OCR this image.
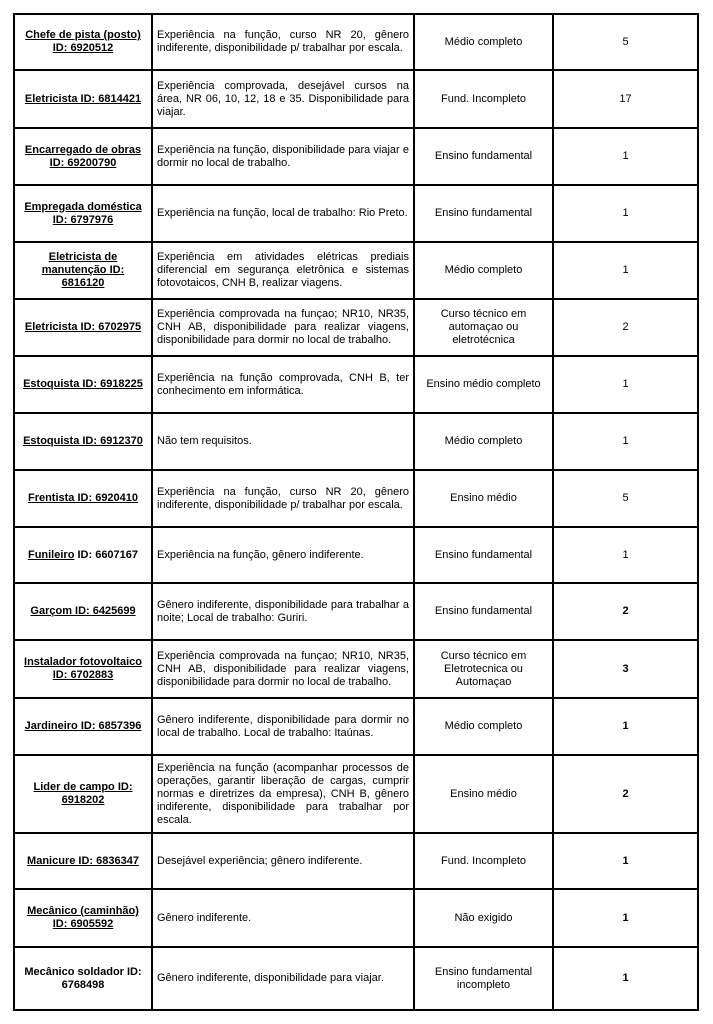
Chefe de pista (posto) ID: 6920512	Experiência na função, curso NR 20, gênero indiferente, disponibilidade p/ trabalhar por escala.	Médio completo	5
Eletricista ID: 6814421	Experiência comprovada, desejável cursos na área, NR 06, 10, 12, 18 e 35. Disponibilidade para viajar.	Fund. Incompleto	17
Encarregado de obras ID: 69200790	Experiência na função, disponibilidade para viajar e dormir no local de trabalho.	Ensino fundamental	1
Empregada doméstica ID: 6797976	Experiência na função, local de trabalho: Rio Preto.	Ensino fundamental	1
Eletricista de manutenção ID: 6816120	Experiência em atividades elétricas prediais diferencial em segurança eletrônica e sistemas fotovotaicos, CNH B, realizar viagens.	Médio completo	1
Eletricista ID: 6702975	Experiência comprovada na funçao; NR10, NR35, CNH AB, disponibilidade para realizar viagens, disponibilidade para dormir no local de trabalho.	Curso técnico em automaçao ou eletrotécnica	2
Estoquista ID: 6918225	Experiência na função comprovada, CNH B, ter conhecimento em informática.	Ensino médio completo	1
Estoquista ID: 6912370	Não tem requisitos.	Médio completo	1
Frentista ID: 6920410	Experiência na função, curso NR 20, gênero indiferente, disponibilidade p/ trabalhar por escala.	Ensino médio	5
Funileiro ID: 6607167	Experiência na função, gênero indiferente.	Ensino fundamental	1
Garçom ID: 6425699	Gênero indiferente, disponibilidade para trabalhar a noite; Local de trabalho: Guriri.	Ensino fundamental	2
Instalador fotovoltaico ID: 6702883	Experiência comprovada na funçao; NR10, NR35, CNH AB, disponibilidade para realizar viagens, disponibilidade para dormir no local de trabalho.	Curso técnico em Eletrotecnica ou Automaçao	3
Jardineiro ID: 6857396	Gênero indiferente, disponibilidade para dormir no local de trabalho. Local de trabalho: Itaúnas.	Médio completo	1
Lider de campo ID: 6918202	Experiência na função (acompanhar processos de operações, garantir liberação de cargas, cumprir normas e diretrizes da empresa), CNH B, gênero indiferente, disponibilidade para trabalhar por escala.	Ensino médio	2
Manicure ID: 6836347	Desejável experiência; gênero indiferente.	Fund. Incompleto	1
Mecânico (caminhão) ID: 6905592	Gênero indiferente.	Não exigido	1
Mecânico soldador ID: 6768498	Gênero indiferente, disponibilidade para viajar.	Ensino fundamental incompleto	1
